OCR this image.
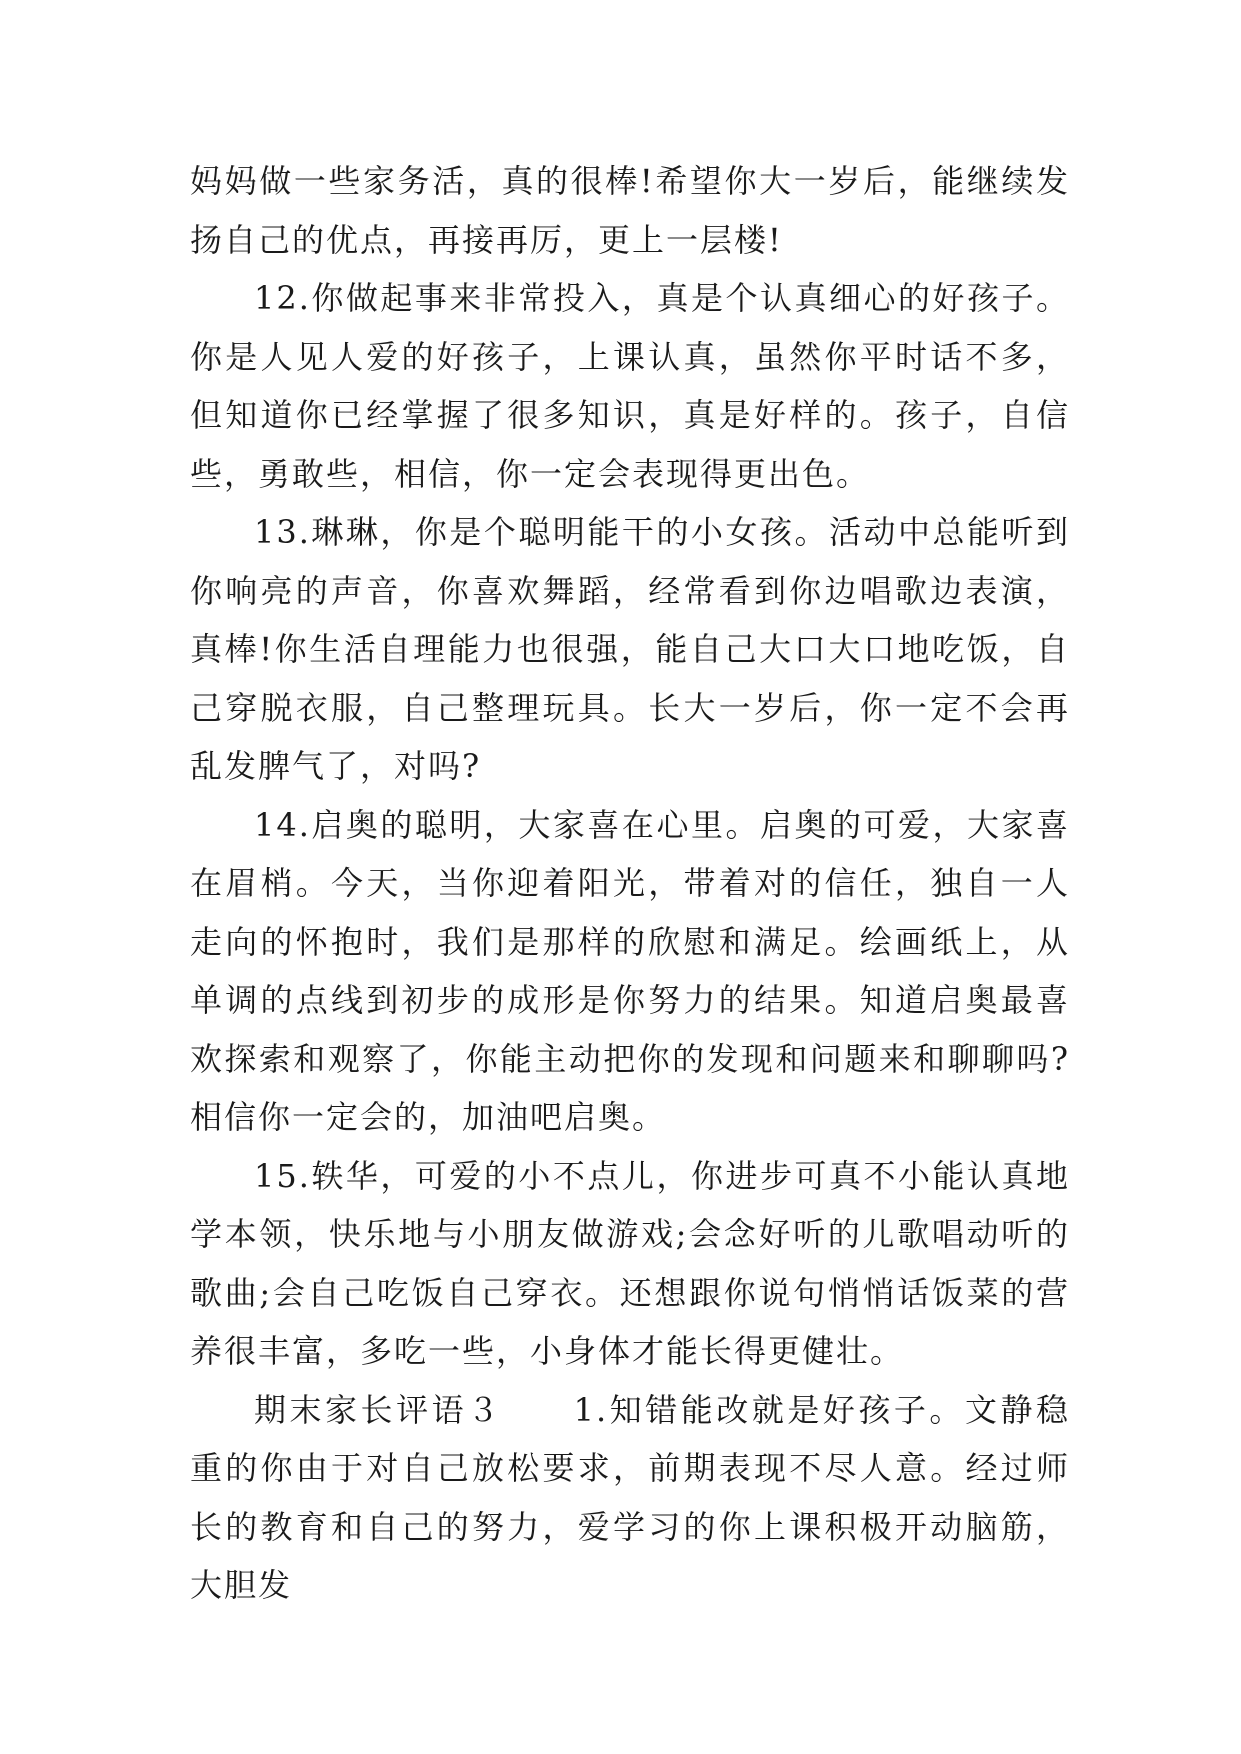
妈妈做一些家务活，真的很棒!希望你大一岁后，能继续发扬自己的优点，再接再厉，更上一层楼!

12.你做起事来非常投入，真是个认真细心的好孩子。你是人见人爱的好孩子，上课认真，虽然你平时话不多，但知道你已经掌握了很多知识，真是好样的。孩子，自信些，勇敢些，相信，你一定会表现得更出色。

13.琳琳，你是个聪明能干的小女孩。活动中总能听到你响亮的声音，你喜欢舞蹈，经常看到你边唱歌边表演，真棒!你生活自理能力也很强，能自己大口大口地吃饭，自己穿脱衣服，自己整理玩具。长大一岁后，你一定不会再乱发脾气了，对吗?

14.启奥的聪明，大家喜在心里。启奥的可爱，大家喜在眉梢。今天，当你迎着阳光，带着对的信任，独自一人走向的怀抱时，我们是那样的欣慰和满足。绘画纸上，从单调的点线到初步的成形是你努力的结果。知道启奥最喜欢探索和观察了，你能主动把你的发现和问题来和聊聊吗?相信你一定会的，加油吧启奥。

15.轶华，可爱的小不点儿，你进步可真不小能认真地学本领，快乐地与小朋友做游戏;会念好听的儿歌唱动听的歌曲;会自己吃饭自己穿衣。还想跟你说句悄悄话饭菜的营养很丰富，多吃一些，小身体才能长得更健壮。

期末家长评语３　　1.知错能改就是好孩子。文静稳重的你由于对自己放松要求，前期表现不尽人意。经过师长的教育和自己的努力，爱学习的你上课积极开动脑筋，大胆发
